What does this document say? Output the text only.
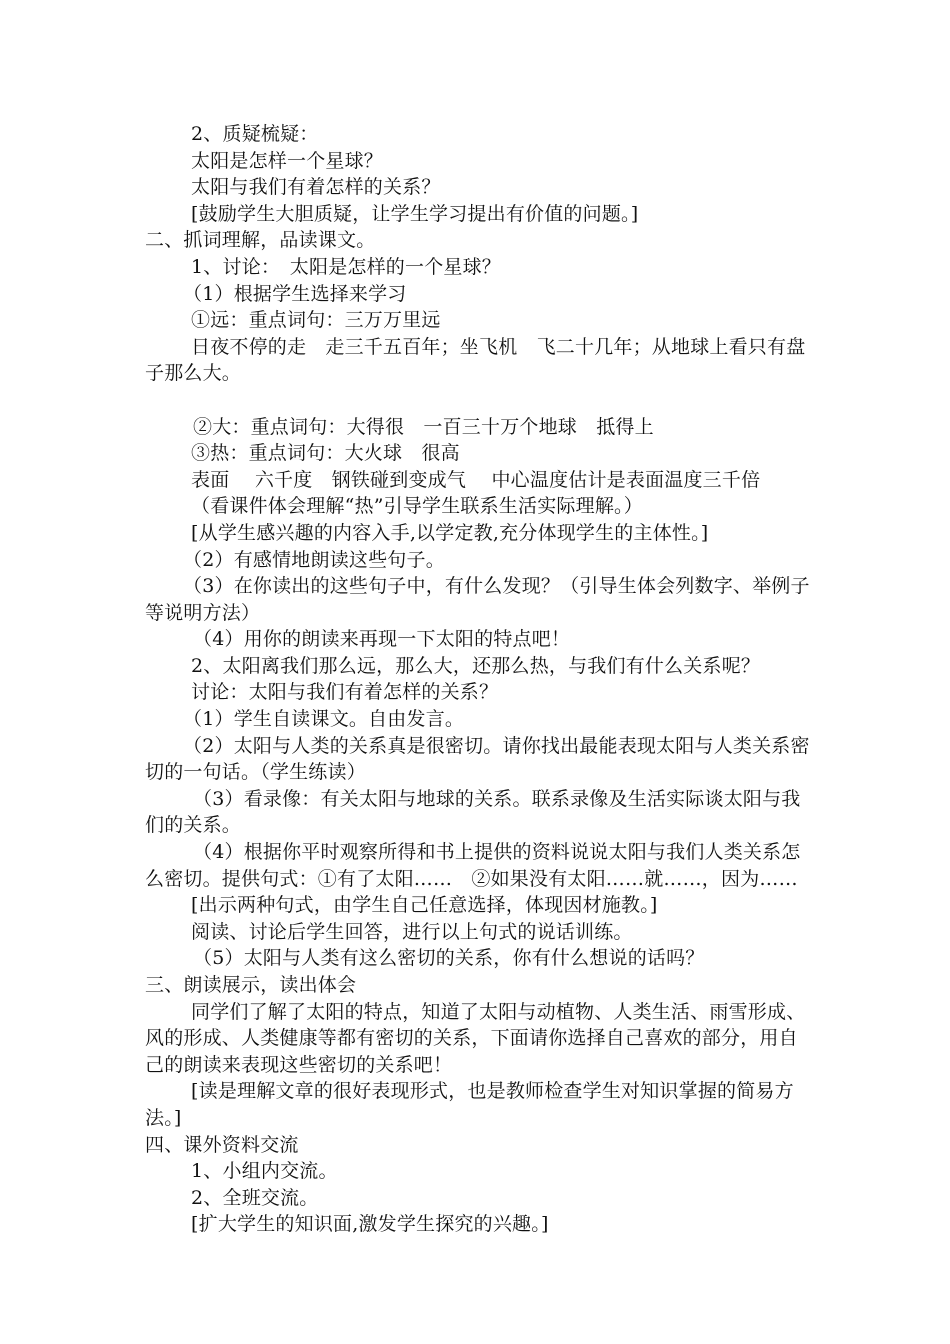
2、质疑梳疑：
太阳是怎样一个星球？
太阳与我们有着怎样的关系？
[鼓励学生大胆质疑，让学生学习提出有价值的问题。]
二、抓词理解，品读课文。
1、讨论：　太阳是怎样的一个星球？
（1）根据学生选择来学习
①远：重点词句：三万万里远
日夜不停的走　走三千五百年；坐飞机　飞二十几年；从地球上看只有盘子那么大。
②大：重点词句：大得很　一百三十万个地球　抵得上
③热：重点词句：大火球　很高
表面　 六千度　钢铁碰到变成气　 中心温度估计是表面温度三千倍
（看课件体会理解“热”引导学生联系生活实际理解。）
[从学生感兴趣的内容入手,以学定教,充分体现学生的主体性。]
（2）有感情地朗读这些句子。
（3）在你读出的这些句子中，有什么发现？（引导生体会列数字、举例子等说明方法）
（4）用你的朗读来再现一下太阳的特点吧！
2、太阳离我们那么远，那么大，还那么热，与我们有什么关系呢？
讨论：太阳与我们有着怎样的关系？
（1）学生自读课文。自由发言。
（2）太阳与人类的关系真是很密切。请你找出最能表现太阳与人类关系密切的一句话。（学生练读）
（3）看录像：有关太阳与地球的关系。联系录像及生活实际谈太阳与我们的关系。
（4）根据你平时观察所得和书上提供的资料说说太阳与我们人类关系怎么密切。提供句式：①有了太阳……　②如果没有太阳……就……，因为……
[出示两种句式，由学生自己任意选择，体现因材施教。]
阅读、讨论后学生回答，进行以上句式的说话训练。
（5）太阳与人类有这么密切的关系，你有什么想说的话吗？
三、朗读展示，读出体会
同学们了解了太阳的特点，知道了太阳与动植物、人类生活、雨雪形成、风的形成、人类健康等都有密切的关系，下面请你选择自己喜欢的部分，用自己的朗读来表现这些密切的关系吧！
[读是理解文章的很好表现形式，也是教师检查学生对知识掌握的简易方法。]
四、课外资料交流
1、小组内交流。
2、全班交流。
[扩大学生的知识面,激发学生探究的兴趣。]
